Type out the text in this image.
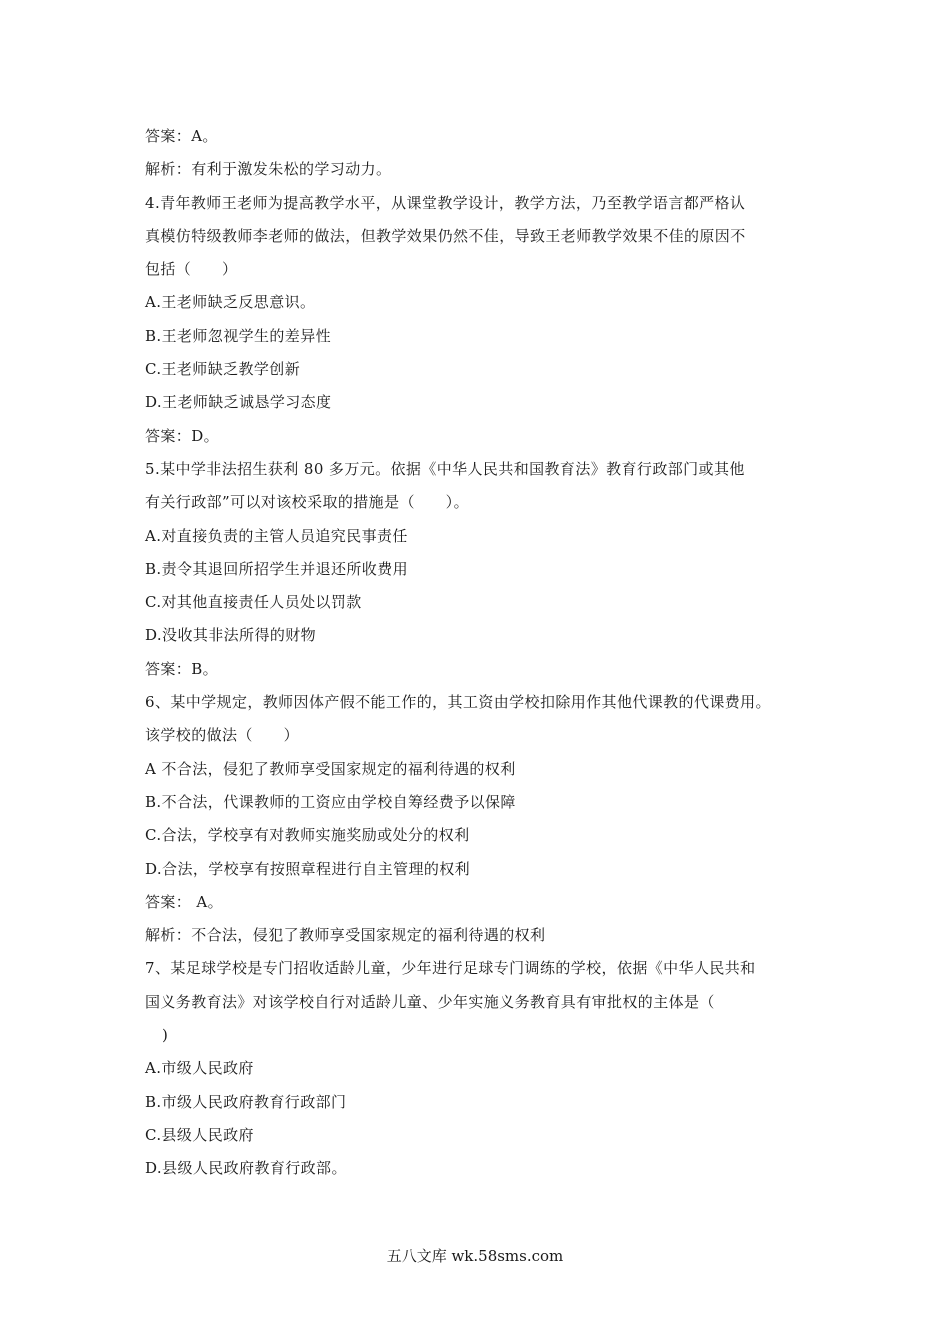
答案：A。
解析：有利于激发朱松的学习动力。
4.青年教师王老师为提高教学水平，从课堂教学设计，教学方法，乃至教学语言都严格认
真模仿特级教师李老师的做法，但教学效果仍然不佳，导致王老师教学效果不佳的原因不
包括（　　）
A.王老师缺乏反思意识。
B.王老师忽视学生的差异性
C.王老师缺乏教学创新
D.王老师缺乏诚恳学习态度
答案：D。
5.某中学非法招生获利 80 多万元。依据《中华人民共和国教育法》教育行政部门或其他
有关行政部”可以对该校采取的措施是（　　）。
A.对直接负责的主管人员追究民事责任
B.责令其退回所招学生并退还所收费用
C.对其他直接责任人员处以罚款
D.没收其非法所得的财物
答案：B。
6、某中学规定，教师因体产假不能工作的，其工资由学校扣除用作其他代课教的代课费用。
该学校的做法（　　）
A 不合法，侵犯了教师享受国家规定的福利待遇的权利
B.不合法，代课教师的工资应由学校自筹经费予以保障
C.合法，学校享有对教师实施奖励或处分的权利
D.合法，学校享有按照章程进行自主管理的权利
答案： A。
解析：不合法，侵犯了教师享受国家规定的福利待遇的权利
7、某足球学校是专门招收适龄儿童，少年进行足球专门调练的学校，依据《中华人民共和
国义务教育法》对该学校自行对适龄儿童、少年实施义务教育具有审批权的主体是（
)
A.市级人民政府
B.市级人民政府教育行政部门
C.县级人民政府
D.县级人民政府教育行政部。
五八文库 wk.58sms.com
